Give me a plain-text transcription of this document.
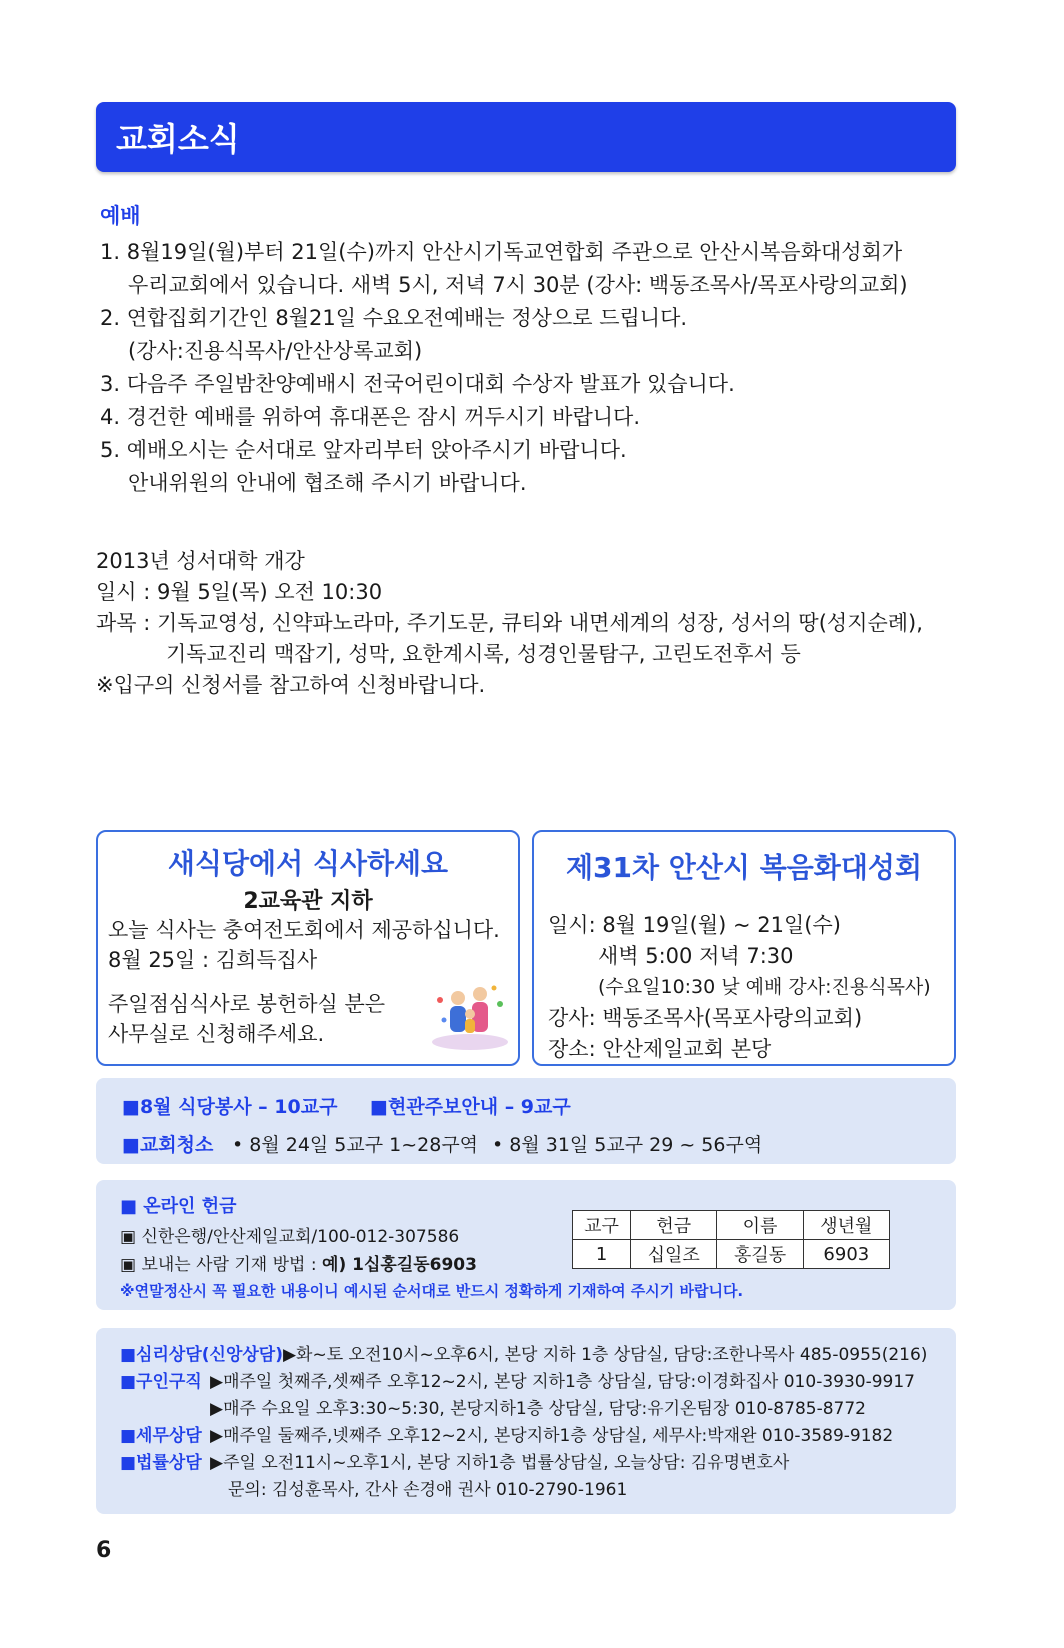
교회소식
예배
1. 8월19일(월)부터 21일(수)까지 안산시기독교연합회 주관으로 안산시복음화대성회가
우리교회에서 있습니다. 새벽 5시, 저녁 7시 30분 (강사: 백동조목사/목포사랑의교회)
2. 연합집회기간인 8월21일 수요오전예배는 정상으로 드립니다.
(강사:진용식목사/안산상록교회)
3. 다음주 주일밤찬양예배시 전국어린이대회 수상자 발표가 있습니다.
4. 경건한 예배를 위하여 휴대폰은 잠시 꺼두시기 바랍니다.
5. 예배오시는 순서대로 앞자리부터 앉아주시기 바랍니다.
안내위원의 안내에 협조해 주시기 바랍니다.
2013년 성서대학 개강
일시 : 9월 5일(목) 오전 10:30
과목 : 기독교영성, 신약파노라마, 주기도문, 큐티와 내면세계의 성장, 성서의 땅(성지순례),
기독교진리 맥잡기, 성막, 요한계시록, 성경인물탐구, 고린도전후서 등
※입구의 신청서를 참고하여 신청바랍니다.
새식당에서 식사하세요
2교육관 지하
오늘 식사는 충여전도회에서 제공하십니다.
8월 25일 : 김희득집사
주일점심식사로 봉헌하실 분은
사무실로 신청해주세요.
제31차 안산시 복음화대성회
일시: 8월 19일(월) ~ 21일(수)
새벽 5:00 저녁 7:30
(수요일10:30 낮 예배 강사:진용식목사)
강사: 백동조목사(목포사랑의교회)
장소: 안산제일교회 본당
■8월 식당봉사 – 10교구 ■현관주보안내 – 9교구
■교회청소 • 8월 24일 5교구 1~28구역 • 8월 31일 5교구 29 ~ 56구역
■ 온라인 헌금
▣ 신한은행/안산제일교회/100-012-307586
▣ 보내는 사람 기재 방법 : 예) 1십홍길동6903
※연말정산시 꼭 필요한 내용이니 예시된 순서대로 반드시 정확하게 기재하여 주시기 바랍니다.
교구	헌금	이름	생년월
1	십일조	홍길동	6903
■심리상담(신앙상담)▶화~토 오전10시~오후6시, 본당 지하 1층 상담실, 담당:조한나목사 485-0955(216)
■구인구직 ▶매주일 첫째주,셋째주 오후12~2시, 본당 지하1층 상담실, 담당:이경화집사 010-3930-9917
▶매주 수요일 오후3:30~5:30, 본당지하1층 상담실, 담당:유기온팀장 010-8785-8772
■세무상담 ▶매주일 둘째주,넷째주 오후12~2시, 본당지하1층 상담실, 세무사:박재완 010-3589-9182
■법률상담 ▶주일 오전11시~오후1시, 본당 지하1층 법률상담실, 오늘상담: 김유명변호사
문의: 김성훈목사, 간사 손경애 권사 010-2790-1961
6
